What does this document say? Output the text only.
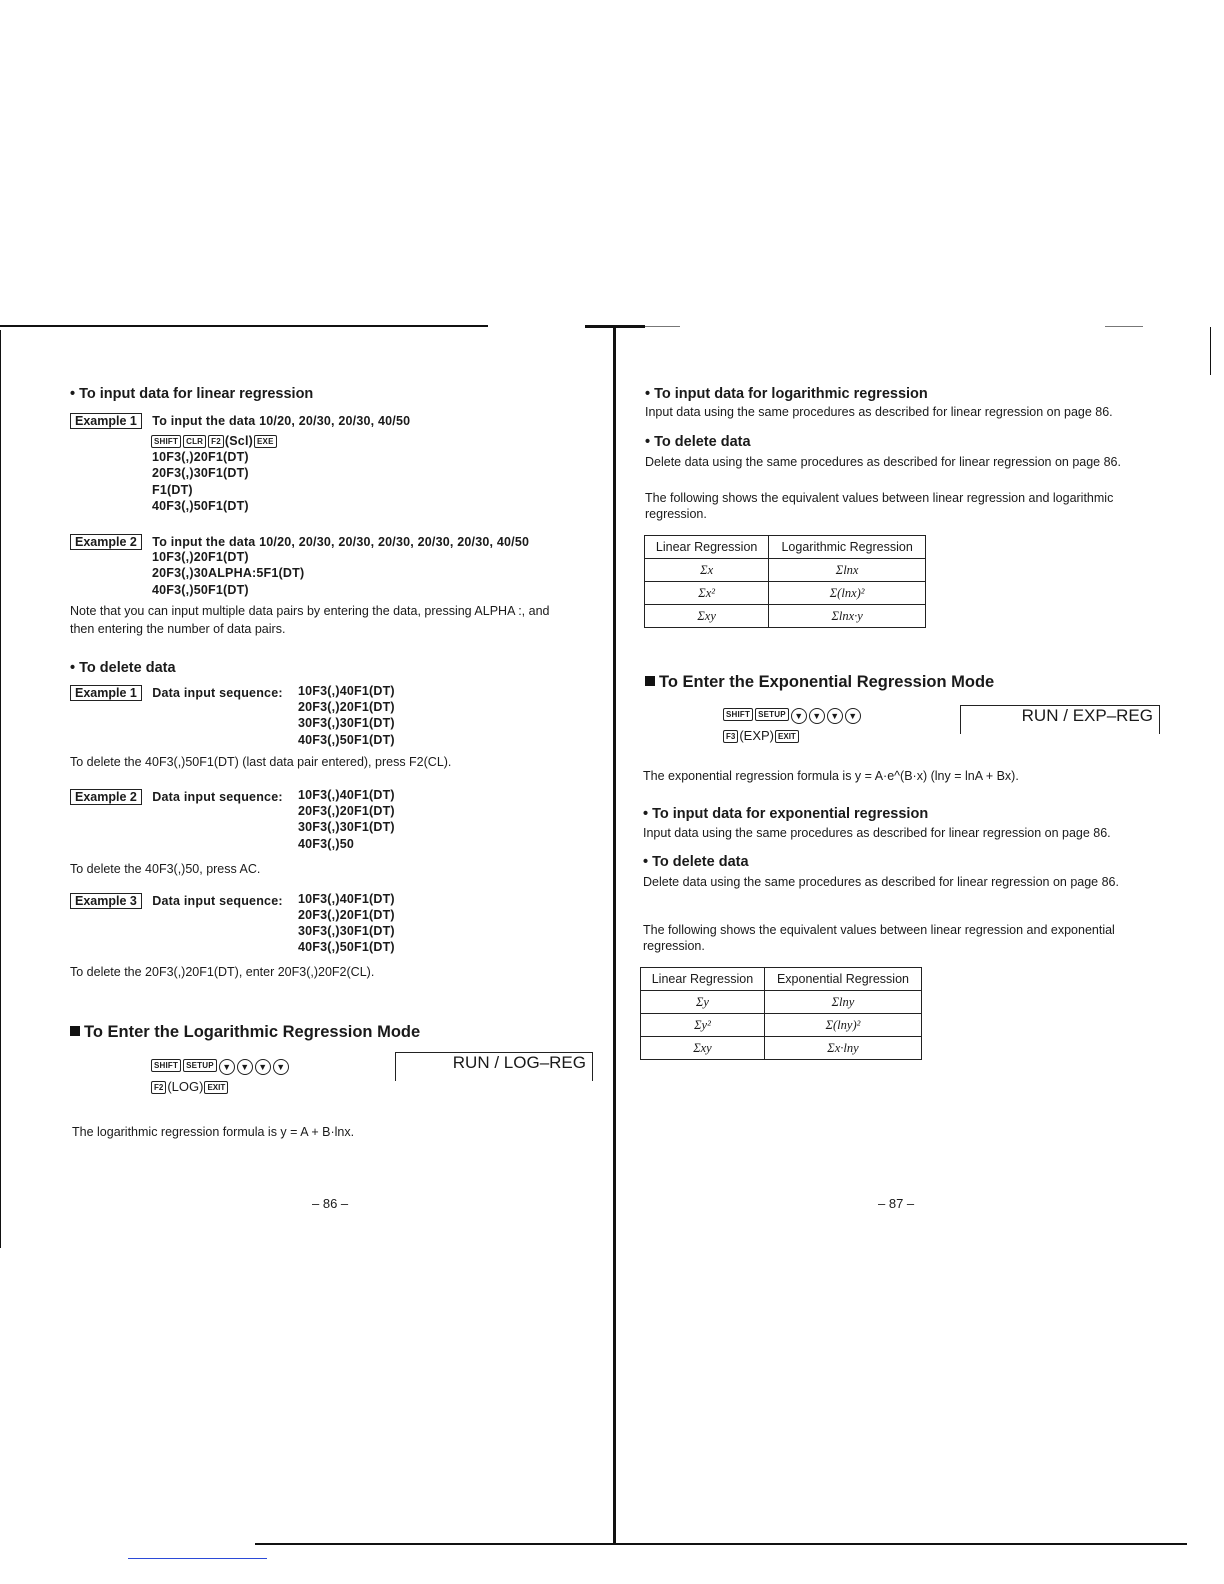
• To input data for linear regression
Example 1 To input the data 10/20, 20/30, 20/30, 40/50
SHIFT CLR F2 (Scl) EXE
10F3(,)20F1(DT)
20F3(,)30F1(DT)
F1(DT)
40F3(,)50F1(DT)
Example 2 To input the data 10/20, 20/30, 20/30, 20/30, 20/30, 20/30, 40/50
10F3(,)20F1(DT)
20F3(,)30ALPHA:5F1(DT)
40F3(,)50F1(DT)
Note that you can input multiple data pairs by entering the data, pressing ALPHA :, and
then entering the number of data pairs.
• To delete data
Example 1 Data input sequence: 10F3(,)40F1(DT)
20F3(,)20F1(DT)
30F3(,)30F1(DT)
40F3(,)50F1(DT)
To delete the 40F3(,)50F1(DT) (last data pair entered), press F2(CL).
Example 2 Data input sequence: 10F3(,)40F1(DT)
20F3(,)20F1(DT)
30F3(,)30F1(DT)
40F3(,)50
To delete the 40F3(,)50, press AC.
Example 3 Data input sequence: 10F3(,)40F1(DT)
20F3(,)20F1(DT)
30F3(,)30F1(DT)
40F3(,)50F1(DT)
To delete the 20F3(,)20F1(DT), enter 20F3(,)20F2(CL).
To Enter the Logarithmic Regression Mode
SHIFT SETUP ▼ ▼ ▼ ▼
F2 (LOG) EXIT
RUN / LOG–REG
The logarithmic regression formula is y = A + B·lnx.
– 86 –
• To input data for logarithmic regression
Input data using the same procedures as described for linear regression on page 86.
• To delete data
Delete data using the same procedures as described for linear regression on page 86.
The following shows the equivalent values between linear regression and logarithmic
regression.
Linear Regression	Logarithmic Regression
Σx	Σlnx
Σx²	Σ(lnx)²
Σxy	Σlnx·y
To Enter the Exponential Regression Mode
SHIFT SETUP ▼ ▼ ▼ ▼
F3 (EXP) EXIT
RUN / EXP–REG
The exponential regression formula is y = A·e^(B·x) (lny = lnA + Bx).
• To input data for exponential regression
Input data using the same procedures as described for linear regression on page 86.
• To delete data
Delete data using the same procedures as described for linear regression on page 86.
The following shows the equivalent values between linear regression and exponential
regression.
Linear Regression	Exponential Regression
Σy	Σlny
Σy²	Σ(lny)²
Σxy	Σx·lny
– 87 –
